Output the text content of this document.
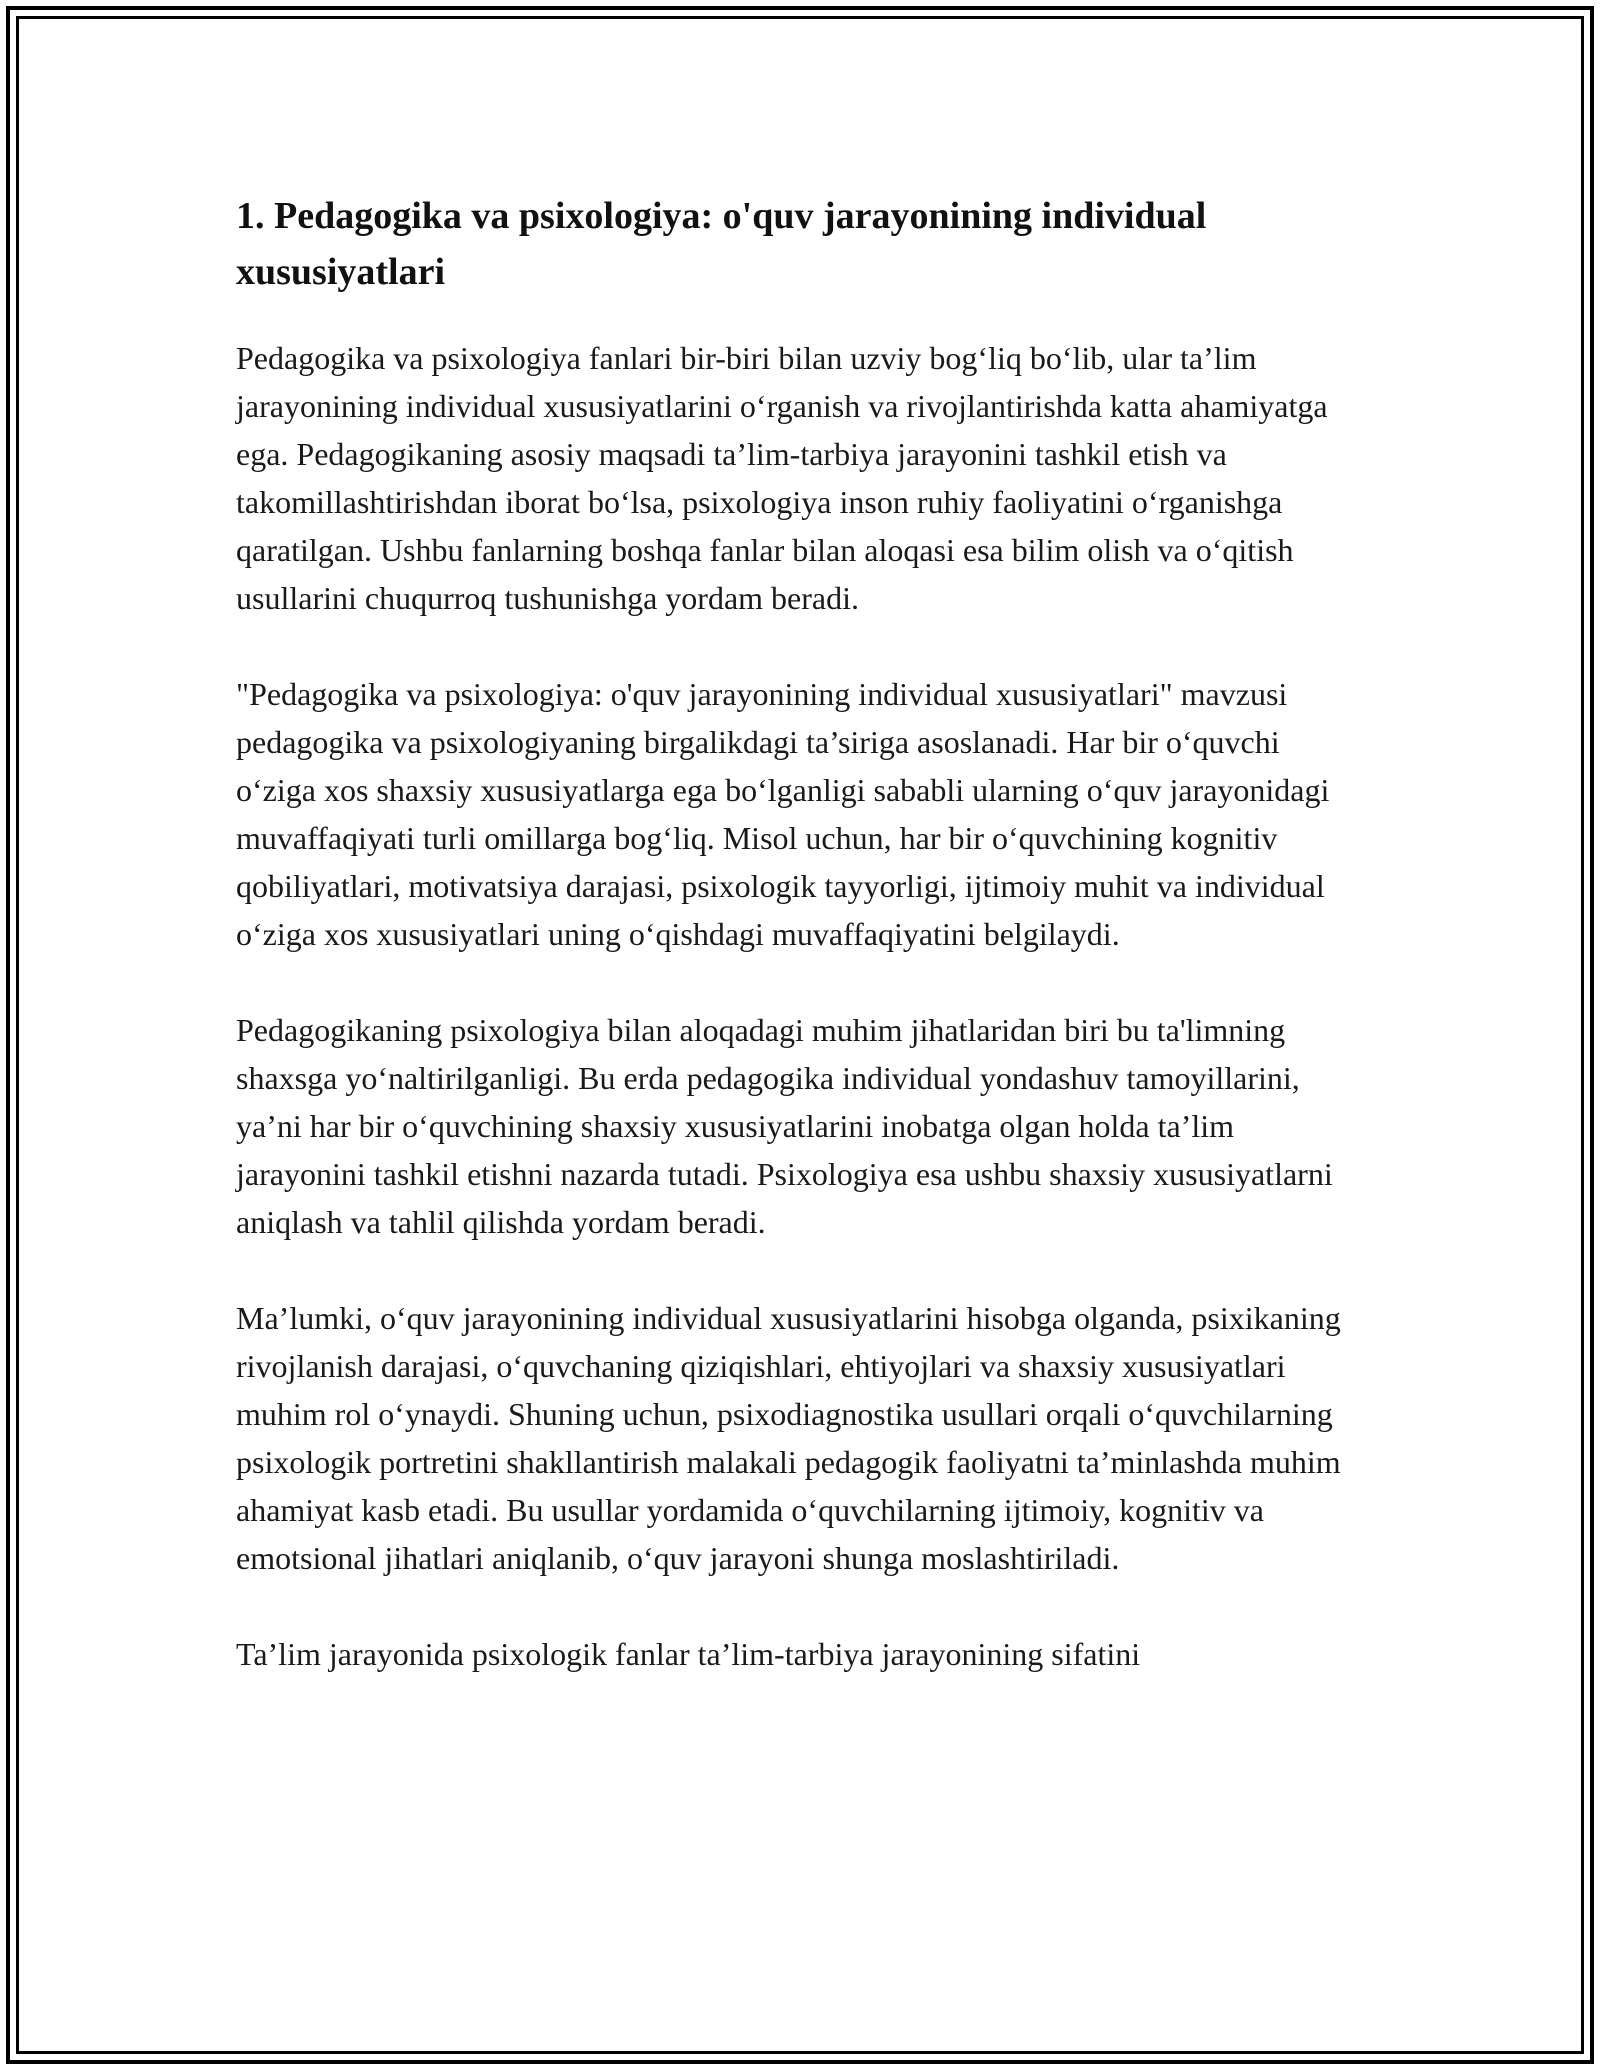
1. Pedagogika va psixologiya: o'quv jarayonining individual xususiyatlari

Pedagogika va psixologiya fanlari bir-biri bilan uzviy bog‘liq bo‘lib, ular ta’lim jarayonining individual xususiyatlarini o‘rganish va rivojlantirishda katta ahamiyatga ega. Pedagogikaning asosiy maqsadi ta’lim-tarbiya jarayonini tashkil etish va takomillashtirishdan iborat bo‘lsa, psixologiya inson ruhiy faoliyatini o‘rganishga qaratilgan. Ushbu fanlarning boshqa fanlar bilan aloqasi esa bilim olish va o‘qitish usullarini chuqurroq tushunishga yordam beradi.

"Pedagogika va psixologiya: o'quv jarayonining individual xususiyatlari" mavzusi pedagogika va psixologiyaning birgalikdagi ta’siriga asoslanadi. Har bir o‘quvchi o‘ziga xos shaxsiy xususiyatlarga ega bo‘lganligi sababli ularning o‘quv jarayonidagi muvaffaqiyati turli omillarga bog‘liq. Misol uchun, har bir o‘quvchining kognitiv qobiliyatlari, motivatsiya darajasi, psixologik tayyorligi, ijtimoiy muhit va individual o‘ziga xos xususiyatlari uning o‘qishdagi muvaffaqiyatini belgilaydi.

Pedagogikaning psixologiya bilan aloqadagi muhim jihatlaridan biri bu ta'limning shaxsga yo‘naltirilganligi. Bu erda pedagogika individual yondashuv tamoyillarini, ya’ni har bir o‘quvchining shaxsiy xususiyatlarini inobatga olgan holda ta’lim jarayonini tashkil etishni nazarda tutadi. Psixologiya esa ushbu shaxsiy xususiyatlarni aniqlash va tahlil qilishda yordam beradi.

Ma’lumki, o‘quv jarayonining individual xususiyatlarini hisobga olganda, psixikaning rivojlanish darajasi, o‘quvchaning qiziqishlari, ehtiyojlari va shaxsiy xususiyatlari muhim rol o‘ynaydi. Shuning uchun, psixodiagnostika usullari orqali o‘quvchilarning psixologik portretini shakllantirish malakali pedagogik faoliyatni ta’minlashda muhim ahamiyat kasb etadi. Bu usullar yordamida o‘quvchilarning ijtimoiy, kognitiv va emotsional jihatlari aniqlanib, o‘quv jarayoni shunga moslashtiriladi.

Ta’lim jarayonida psixologik fanlar ta’lim-tarbiya jarayonining sifatini
